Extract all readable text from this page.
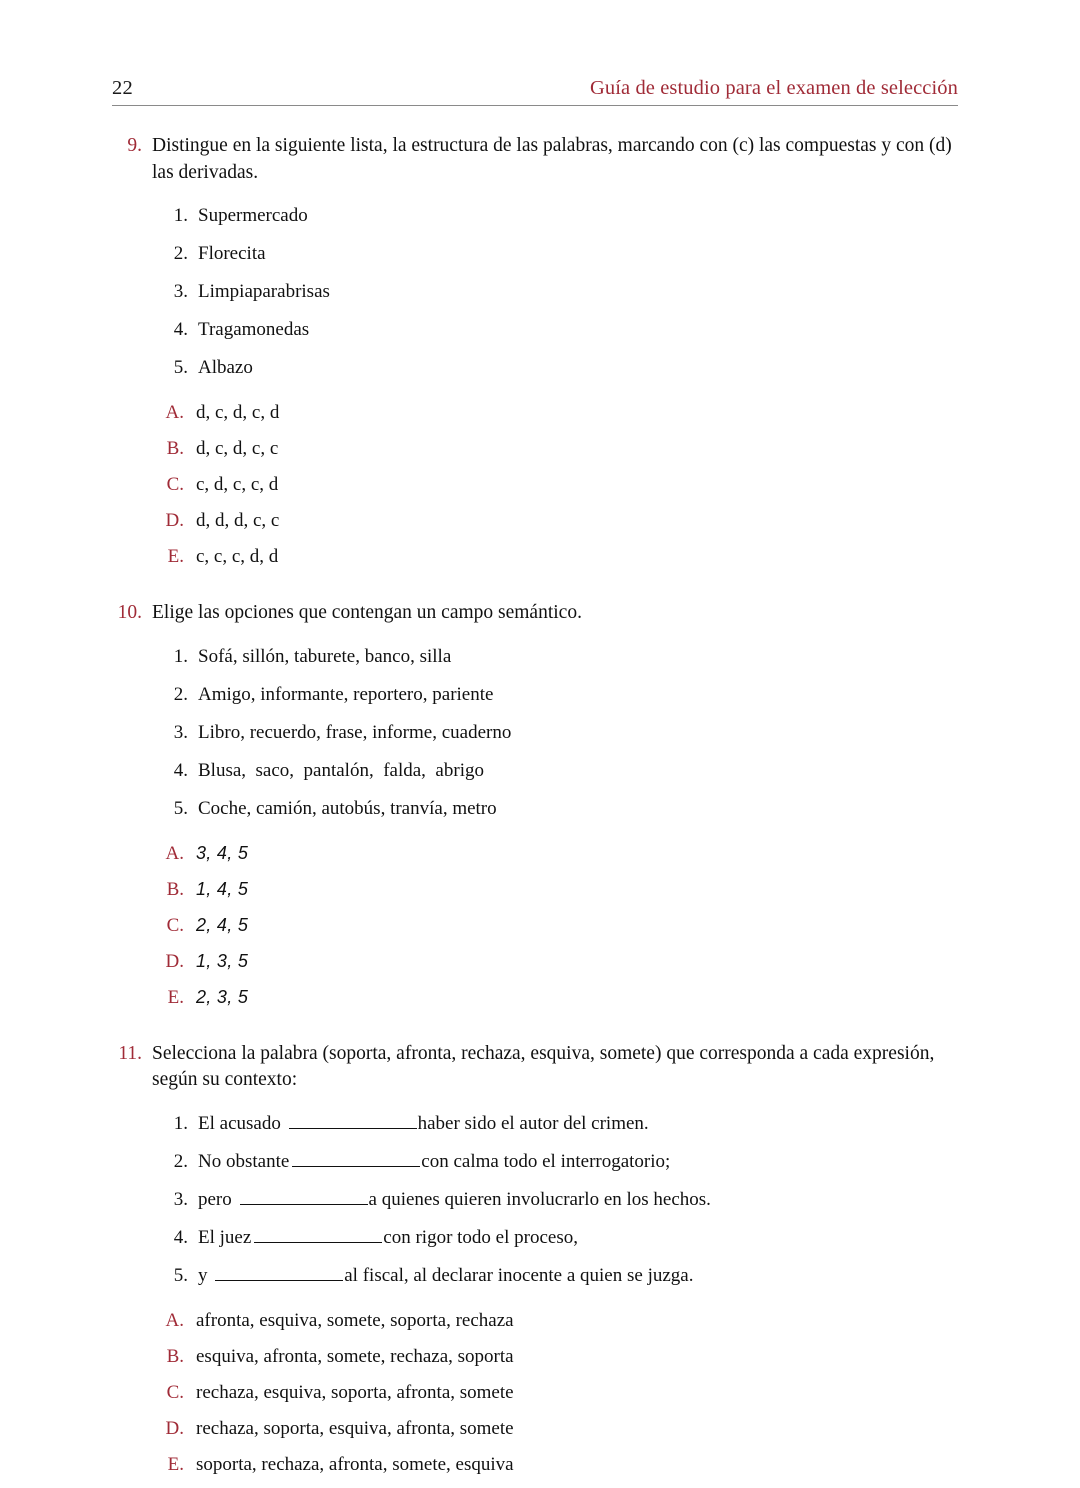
22	Guía de estudio para el examen de selección
9. Distingue en la siguiente lista, la estructura de las palabras, marcando con (c) las compuestas y con (d) las derivadas.
1. Supermercado
2. Florecita
3. Limpiaparabrisas
4. Tragamonedas
5. Albazo
A. d, c, d, c, d
B. d, c, d, c, c
C. c, d, c, c, d
D. d, d, d, c, c
E. c, c, c, d, d
10. Elige las opciones que contengan un campo semántico.
1. Sofá, sillón, taburete, banco, silla
2. Amigo, informante, reportero, pariente
3. Libro, recuerdo, frase, informe, cuaderno
4. Blusa,  saco,  pantalón,  falda,  abrigo
5. Coche, camión, autobús, tranvía, metro
A. 3, 4, 5
B. 1, 4, 5
C. 2, 4, 5
D. 1, 3, 5
E. 2, 3, 5
11. Selecciona la palabra (soporta, afronta, rechaza, esquiva, somete) que corresponda a cada expresión, según su contexto:
1. El acusado	haber sido el autor del crimen.
2. No obstante	con calma todo el interrogatorio;
3. pero	a quienes quieren involucrarlo en los hechos.
4. El juez	con rigor todo el proceso,
5. y	al fiscal, al declarar inocente a quien se juzga.
A. afronta, esquiva, somete, soporta, rechaza
B. esquiva, afronta, somete, rechaza, soporta
C. rechaza, esquiva, soporta, afronta, somete
D. rechaza, soporta, esquiva, afronta, somete
E. soporta, rechaza, afronta, somete, esquiva
